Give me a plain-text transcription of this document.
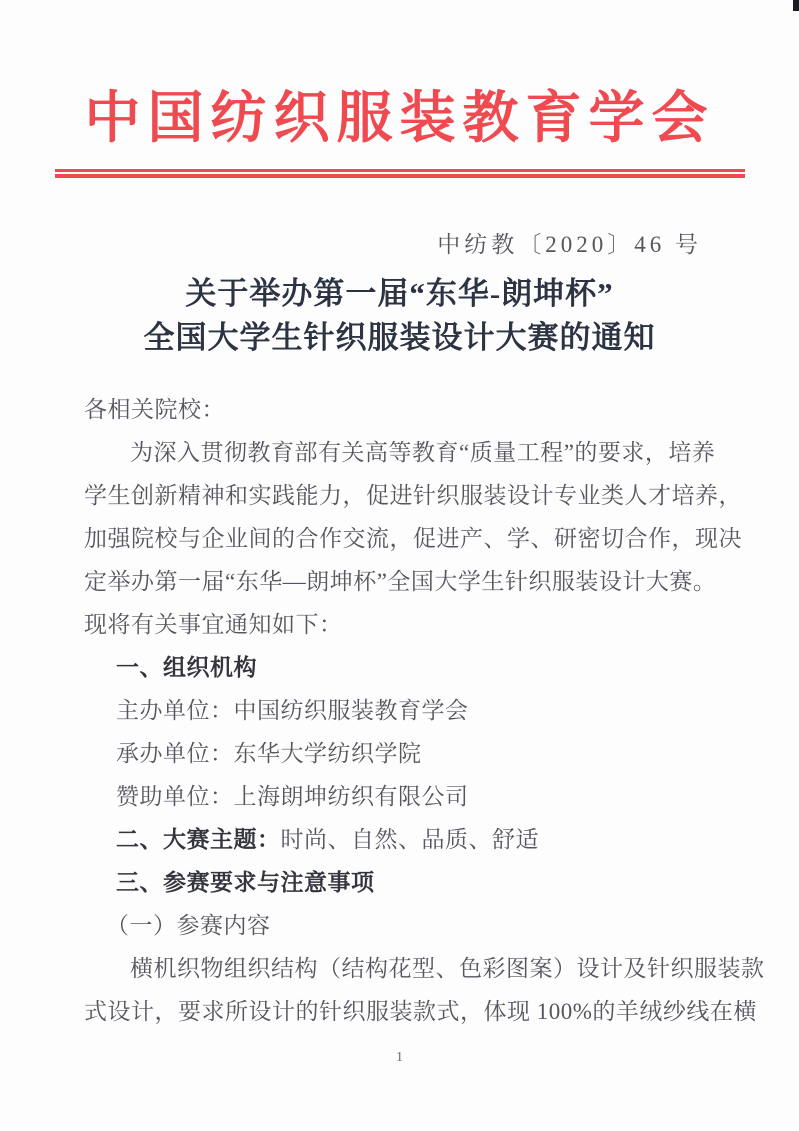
中国纺织服装教育学会
中纺教〔2020〕46 号
关于举办第一届“东华-朗坤杯”
全国大学生针织服装设计大赛的通知
各相关院校：
为深入贯彻教育部有关高等教育“质量工程”的要求，培养
学生创新精神和实践能力，促进针织服装设计专业类人才培养，
加强院校与企业间的合作交流，促进产、学、研密切合作，现决
定举办第一届“东华—朗坤杯”全国大学生针织服装设计大赛。
现将有关事宜通知如下：
一、组织机构
主办单位：中国纺织服装教育学会
承办单位：东华大学纺织学院
赞助单位：上海朗坤纺织有限公司
二、大赛主题：时尚、自然、品质、舒适
三、参赛要求与注意事项
（一）参赛内容
横机织物组织结构（结构花型、色彩图案）设计及针织服装款
式设计，要求所设计的针织服装款式，体现 100%的羊绒纱线在横
1
